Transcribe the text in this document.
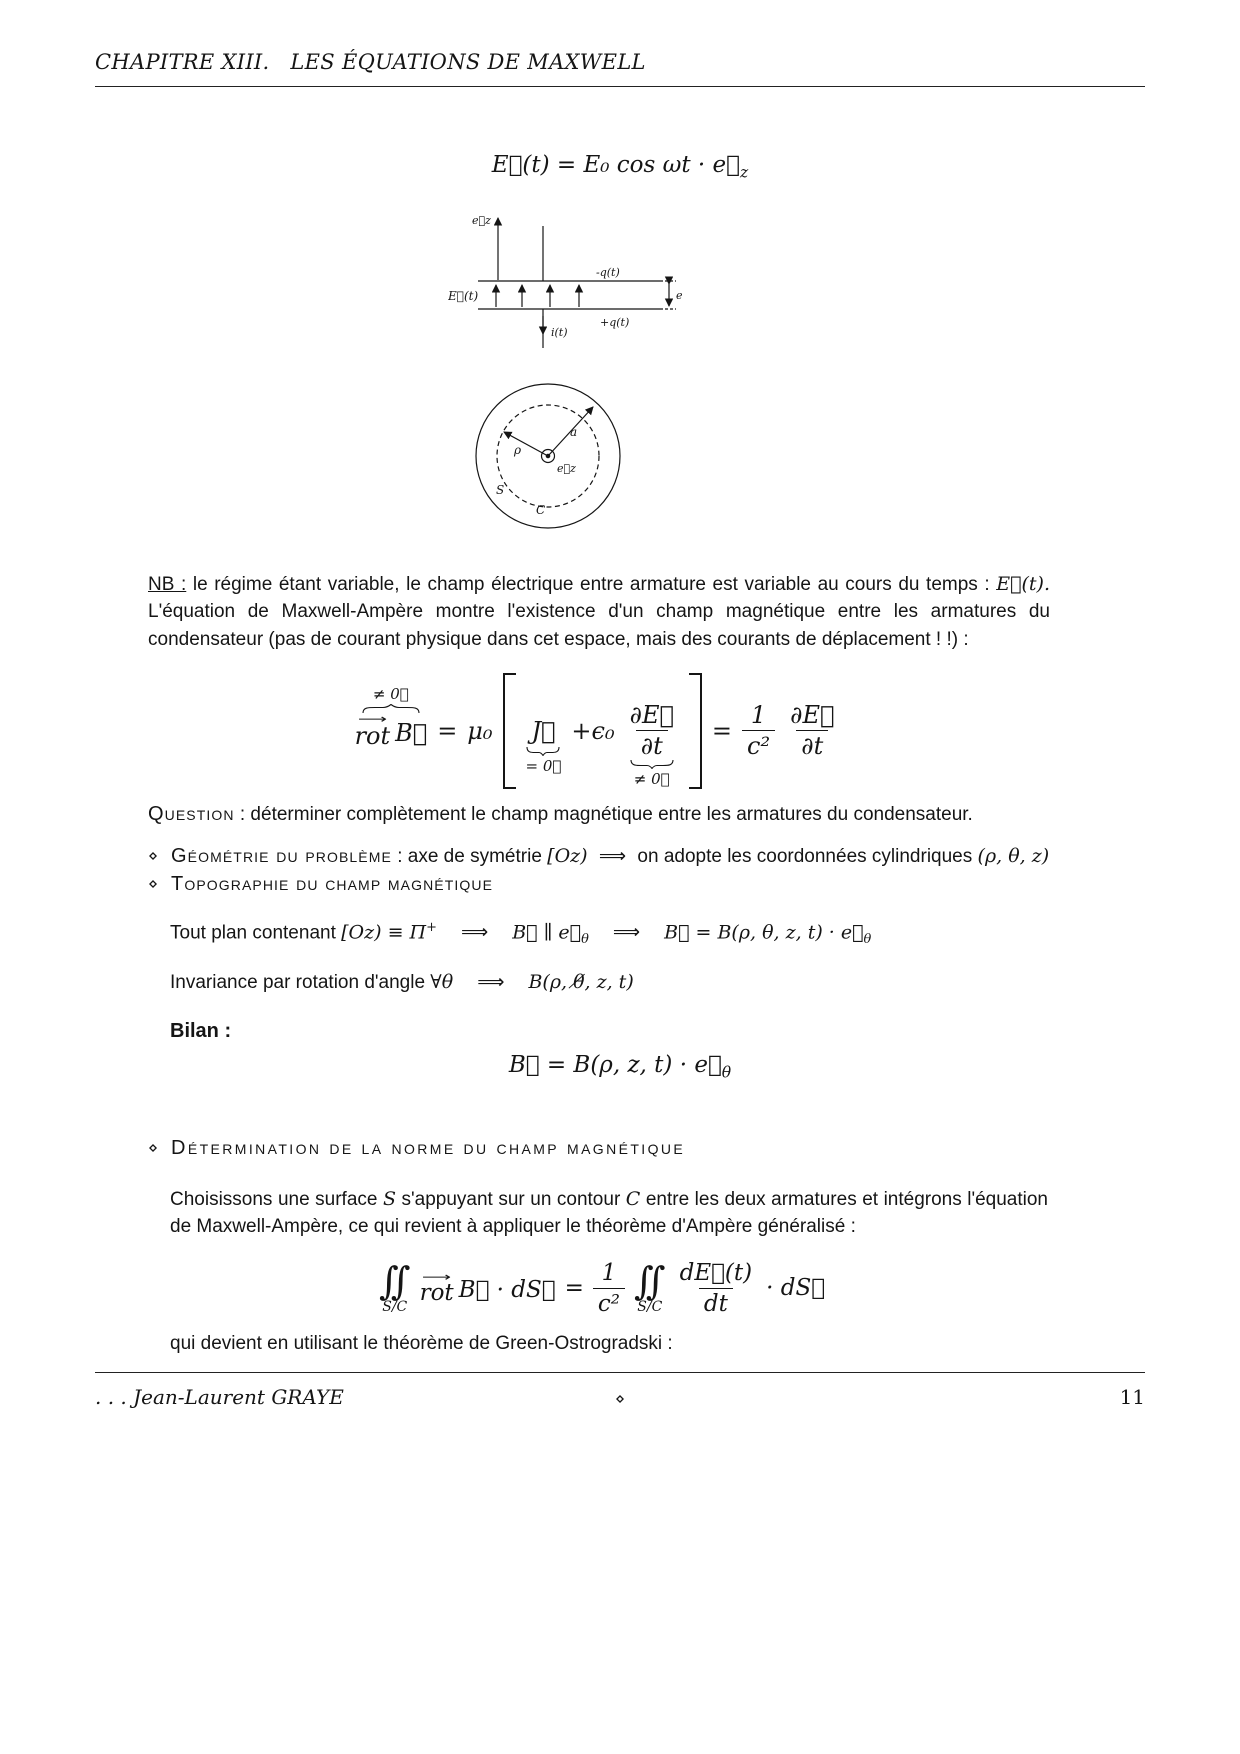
CHAPITRE XIII.   LES ÉQUATIONS DE MAXWELL
E⃗(t) = E₀ $\cos \omega t \cdot e⃗_z$
e⃗z
E⃗(t)
-q(t)
+q(t)
i(t)
e
a
ρ
e⃗z
S
C

NB : le régime étant variable, le champ électrique entre armature est variable au cours du temps : E⃗(t). L'équation de Maxwell-Ampère montre l'existence d'un champ magnétique entre les armatures du condensateur (pas de courant physique dans cet espace, mais des courants de déplacement ! !) :

≠ 0⃗
⟶
rot B⃗ = μ₀ J⃗
= 0⃗
$+\epsilon_0 \frac{\partial E⃗}{\partial t}$
≠ 0⃗
= $\frac{1}{\text{c²}} \frac{\partial E⃗}{\partial t}$

Question : déterminer complètement le champ magnétique entre les armatures du condensateur.

⋄ Géométrie du problème : axe de symétrie [Oz) ⟹ on adopte les coordonnées cylindriques (ρ, θ, z)
⋄ Topographie du champ magnétique
Tout plan contenant [Oz) ≡ Π+ ⟹ B⃗ ∥ $e⃗_\theta$ ⟹ B⃗ = B(ρ, θ, z, $t) \cdot e⃗_\theta$
Invariance par rotation d'angle ∀θ ⟹ B(ρ, θ̸, z, t)
Bilan :
B⃗ = B(ρ, z, $t) \cdot e⃗_\theta$
⋄ Détermination de la norme du champ magnétique

Choisissons une surface S s'appuyant sur un contour C entre les deux armatures et intégrons l'équation de Maxwell-Ampère, ce qui revient à appliquer le théorème d'Ampère généralisé :

∫∫
S/C
⟶
rot B⃗ · dS⃗ = $\frac{1}{\text{c²}}$ ∫∫
$S/C \frac{dE⃗(t)}{dt}$ · dS⃗
qui devient en utilisant le théorème de Green-Ostrogradski :
. . . Jean-Laurent GRAYE	⋄	11
